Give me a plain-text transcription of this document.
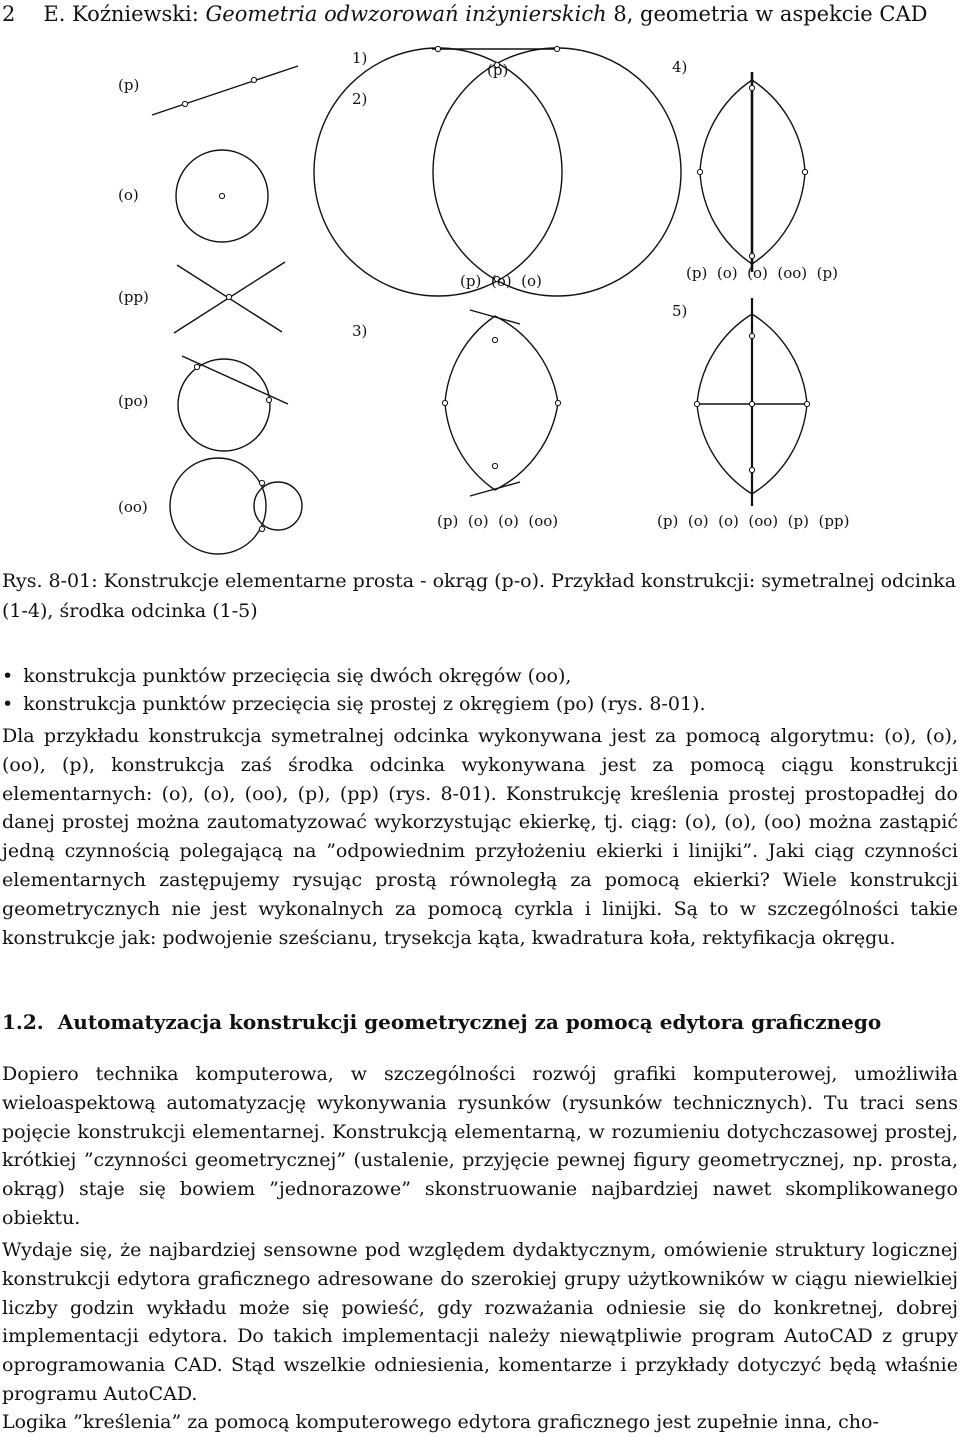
2 E. Koźniewski: Geometria odwzorowań inżynierskich 8, geometria w aspekcie CAD
(p)
(o)
(pp)
(po)
(oo)
1)
2)
3)
4)
5)
(p)
(p)  (o)  (o)
(p)  (o)  (o)  (oo)
(p)  (o)  (o)  (oo)  (p)
(p)  (o)  (o)  (oo)  (p)  (pp)
Rys. 8-01: Konstrukcje elementarne prosta - okrąg (p-o). Przykład konstrukcji: symetralnej odcinka (1-4), środka odcinka (1-5)
• konstrukcja punktów przecięcia się dwóch okręgów (oo),
• konstrukcja punktów przecięcia się prostej z okręgiem (po) (rys. 8-01).

Dla przykładu konstrukcja symetralnej odcinka wykonywana jest za pomocą algorytmu: (o), (o), (oo), (p), konstrukcja zaś środka odcinka wykonywana jest za pomocą ciągu konstrukcji elementarnych: (o), (o), (oo), (p), (pp) (rys. 8-01). Konstrukcję kreślenia prostej prostopadłej do danej prostej można zautomatyzować wykorzystując ekierkę, tj. ciąg: (o), (o), (oo) można zastąpić jedną czynnością polegającą na ”odpowiednim przyłożeniu ekierki i linijki”. Jaki ciąg czynności elementarnych zastępujemy rysując prostą równoległą za pomocą ekierki? Wiele konstrukcji geometrycznych nie jest wykonalnych za pomocą cyrkla i linijki. Są to w szczególności takie konstrukcje jak: podwojenie sześcianu, trysekcja kąta, kwadratura koła, rektyfikacja okręgu.

1.2. Automatyzacja konstrukcji geometrycznej za pomocą edytora graficznego

Dopiero technika komputerowa, w szczególności rozwój grafiki komputerowej, umożliwiła wieloaspektową automatyzację wykonywania rysunków (rysunków technicznych). Tu traci sens pojęcie konstrukcji elementarnej. Konstrukcją elementarną, w rozumieniu dotychczasowej prostej, krótkiej ”czynności geometrycznej” (ustalenie, przyjęcie pewnej figury geometrycznej, np. prosta, okrąg) staje się bowiem ”jednorazowe” skonstruowanie najbardziej nawet skomplikowanego obiektu.

Wydaje się, że najbardziej sensowne pod względem dydaktycznym, omówienie struktury logicznej konstrukcji edytora graficznego adresowane do szerokiej grupy użytkowników w ciągu niewielkiej liczby godzin wykładu może się powieść, gdy rozważania odniesie się do konkretnej, dobrej implementacji edytora. Do takich implementacji należy niewątpliwie program AutoCAD z grupy oprogramowania CAD. Stąd wszelkie odniesienia, komentarze i przykłady dotyczyć będą właśnie programu AutoCAD.

Logika ”kreślenia” za pomocą komputerowego edytora graficznego jest zupełnie inna, cho-
